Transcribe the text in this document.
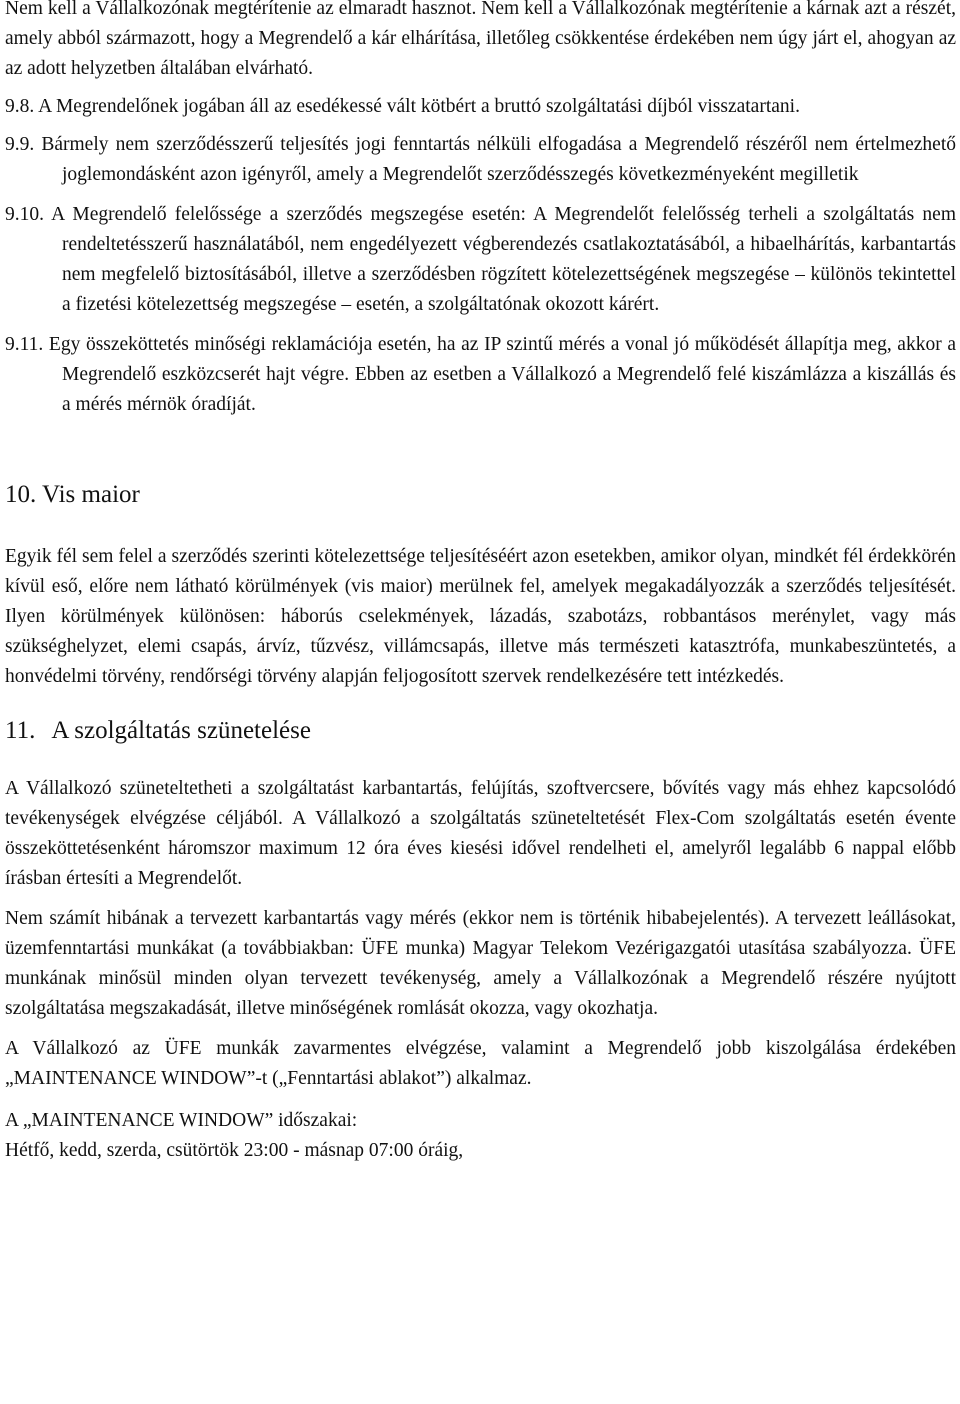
Nem kell a Vállalkozónak megtérítenie az elmaradt hasznot. Nem kell a Vállalkozónak megtérítenie a kárnak azt a részét, amely abból származott, hogy a Megrendelő a kár elhárítása, illetőleg csökkentése érdekében nem úgy járt el, ahogyan az az adott helyzetben általában elvárható.

9.8. A Megrendelőnek jogában áll az esedékessé vált kötbért a bruttó szolgáltatási díjból visszatartani.

9.9. Bármely nem szerződésszerű teljesítés jogi fenntartás nélküli elfogadása a Megrendelő részéről nem értelmezhető joglemondásként azon igényről, amely a Megrendelőt szerződésszegés következményeként megilletik

9.10. A Megrendelő felelőssége a szerződés megszegése esetén: A Megrendelőt felelősség terheli a szolgáltatás nem rendeltetésszerű használatából, nem engedélyezett végberendezés csatlakoztatásából, a hibaelhárítás, karbantartás nem megfelelő biztosításából, illetve a szerződésben rögzített kötelezettségének megszegése – különös tekintettel a fizetési kötelezettség megszegése – esetén, a szolgáltatónak okozott kárért.

9.11. Egy összeköttetés minőségi reklamációja esetén, ha az IP szintű mérés a vonal jó működését állapítja meg, akkor a Megrendelő eszközcserét hajt végre. Ebben az esetben a Vállalkozó a Megrendelő felé kiszámlázza a kiszállás és a mérés mérnök óradíját.

10. Vis maior

Egyik fél sem felel a szerződés szerinti kötelezettsége teljesítéséért azon esetekben, amikor olyan, mindkét fél érdekkörén kívül eső, előre nem látható körülmények (vis maior) merülnek fel, amelyek megakadályozzák a szerződés teljesítését. Ilyen körülmények különösen: háborús cselekmények, lázadás, szabotázs, robbantásos merénylet, vagy más szükséghelyzet, elemi csapás, árvíz, tűzvész, villámcsapás, illetve más természeti katasztrófa, munkabeszüntetés, a honvédelmi törvény, rendőrségi törvény alapján feljogosított szervek rendelkezésére tett intézkedés.

11. A szolgáltatás szünetelése

A Vállalkozó szüneteltetheti a szolgáltatást karbantartás, felújítás, szoftvercsere, bővítés vagy más ehhez kapcsolódó tevékenységek elvégzése céljából. A Vállalkozó a szolgáltatás szüneteltetését Flex-Com szolgáltatás esetén évente összeköttetésenként háromszor maximum 12 óra éves kiesési idővel rendelheti el, amelyről legalább 6 nappal előbb írásban értesíti a Megrendelőt.

Nem számít hibának a tervezett karbantartás vagy mérés (ekkor nem is történik hibabejelentés). A tervezett leállásokat, üzemfenntartási munkákat (a továbbiakban: ÜFE munka) Magyar Telekom Vezérigazgatói utasítása szabályozza. ÜFE munkának minősül minden olyan tervezett tevékenység, amely a Vállalkozónak a Megrendelő részére nyújtott szolgáltatása megszakadását, illetve minőségének romlását okozza, vagy okozhatja.

A Vállalkozó az ÜFE munkák zavarmentes elvégzése, valamint a Megrendelő jobb kiszolgálása érdekében „MAINTENANCE WINDOW”-t („Fenntartási ablakot”) alkalmaz.

A „MAINTENANCE WINDOW” időszakai:

Hétfő, kedd, szerda, csütörtök 23:00 - másnap 07:00 óráig,
